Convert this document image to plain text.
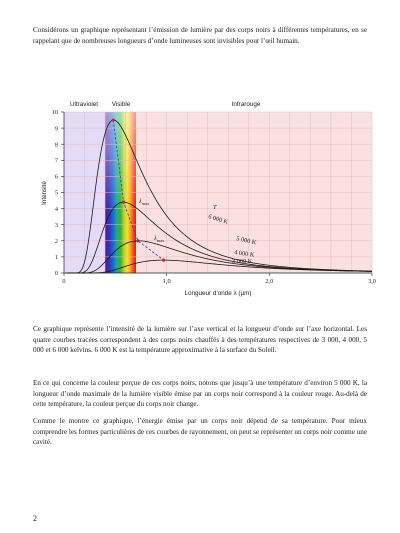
Considérons un graphique représentant l’émission de lumière par des corps noirs à différentes températures, en se rappelant que de nombreuses longueurs d’onde lumineuses sont invisibles pour l’œil humain.

0
1
2
3
4
5
6
7
8
9
10
0	1,0	2,0	3,0
Ultraviolet Visible	Infrarouge
Intensité
Longueur d’onde λ (µm)
6 000 K
5 000 K
4 000 K
3 000 K
T
$\lambda_{max}$
$\lambda_{max}$

Ce graphique représente l’intensité de la lumière sur l’axe vertical et la longueur d’onde sur l’axe horizontal. Les quatre courbes tracées correspondent à des corps noirs chauffés à des températures respectives de 3 000, 4 000, 5 000 et 6 000 kelvins. 6 000 K est la température approximative à la surface du Soleil.

En ce qui concerne la couleur perçue de ces corps noirs, notons que jusqu’à une température d’environ 5 000 K, la longueur d’onde maximale de la lumière visible émise par un corps noir correspond à la couleur rouge. Au-delà de cette température, la couleur perçue du corps noir change.

Comme le montre ce graphique, l’énergie émise par un corps noir dépend de sa température. Pour mieux comprendre les formes particulières de ces courbes de rayonnement, on peut se représenter un corps noir comme une cavité.

2
